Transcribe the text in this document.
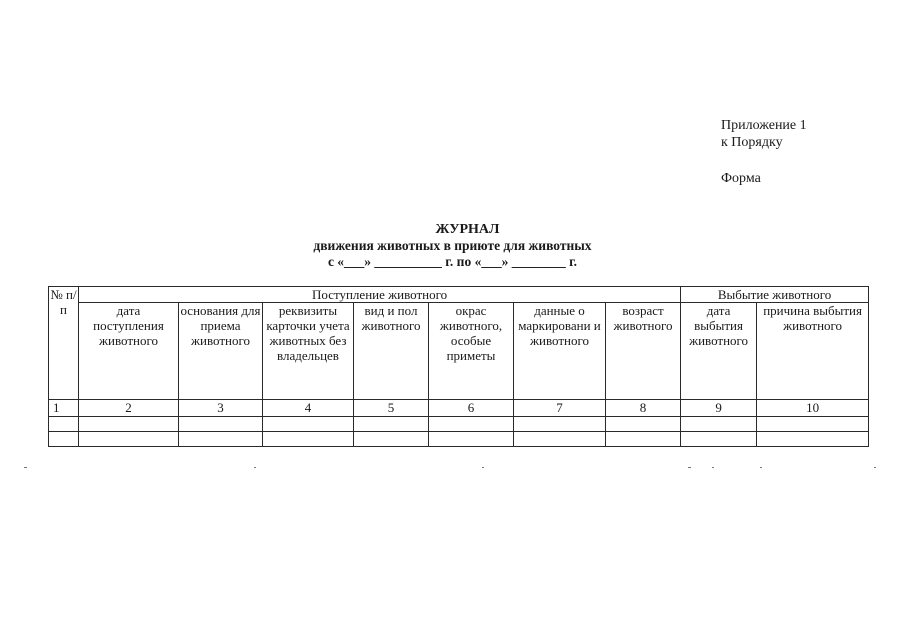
Приложение 1
к Порядку
Форма
ЖУРНАЛ
движения животных в приюте для животных
с «___» __________ г. по «___» ________ г.
№ п/п	Поступление животного							Выбытие животного	
	дата поступления животного	основания для приема животного	реквизиты карточки учета животных без владельцев	вид и пол животного	окрас животного, особые приметы	данные о маркировани и животного	возраст животного	дата выбытия животного	причина выбытия животного
1	2	3	4	5	6	7	8	9	10
